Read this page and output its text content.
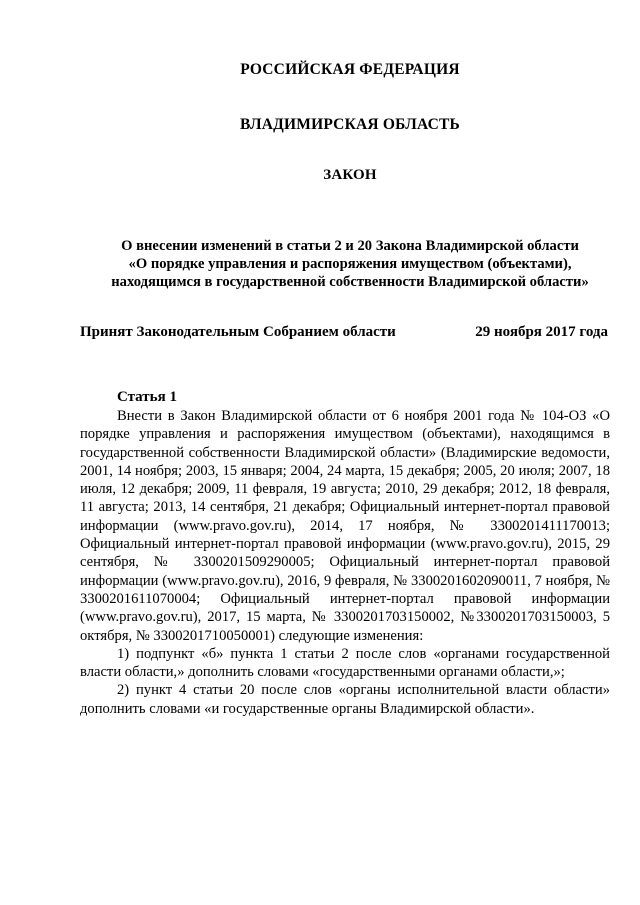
РОССИЙСКАЯ ФЕДЕРАЦИЯ
ВЛАДИМИРСКАЯ ОБЛАСТЬ
ЗАКОН
О внесении изменений в статьи 2 и 20 Закона Владимирской области
«О порядке управления и распоряжения имуществом (объектами),
находящимся в государственной собственности Владимирской области»
Принят Законодательным Собранием области	29 ноября 2017 года
Статья 1

Внести в Закон Владимирской области от 6 ноября 2001 года № 104-ОЗ «О порядке управления и распоряжения имуществом (объектами), находящимся в государственной собственности Владимирской области» (Владимирские ведомости, 2001, 14 ноября; 2003, 15 января; 2004, 24 марта, 15 декабря; 2005, 20 июля; 2007, 18 июля, 12 декабря; 2009, 11 февраля, 19 августа; 2010, 29 декабря; 2012, 18 февраля, 11 августа; 2013, 14 сентября, 21 декабря; Официальный интернет-портал правовой информации (www.pravo.gov.ru), 2014, 17 ноября, № 3300201411170013; Официальный интернет-портал правовой информации (www.pravo.gov.ru), 2015, 29 сентября, № 3300201509290005; Официальный интернет-портал правовой информации (www.pravo.gov.ru), 2016, 9 февраля, № 3300201602090011, 7 ноября, № 3300201611070004; Официальный интернет-портал правовой информации (www.pravo.gov.ru), 2017, 15 марта, № 3300201703150002, №3300201703150003, 5 октября, № 3300201710050001) следующие изменения:

1) подпункт «б» пункта 1 статьи 2 после слов «органами государственной власти области,» дополнить словами «государственными органами области,»;

2) пункт 4 статьи 20 после слов «органы исполнительной власти области» дополнить словами «и государственные органы Владимирской области».
